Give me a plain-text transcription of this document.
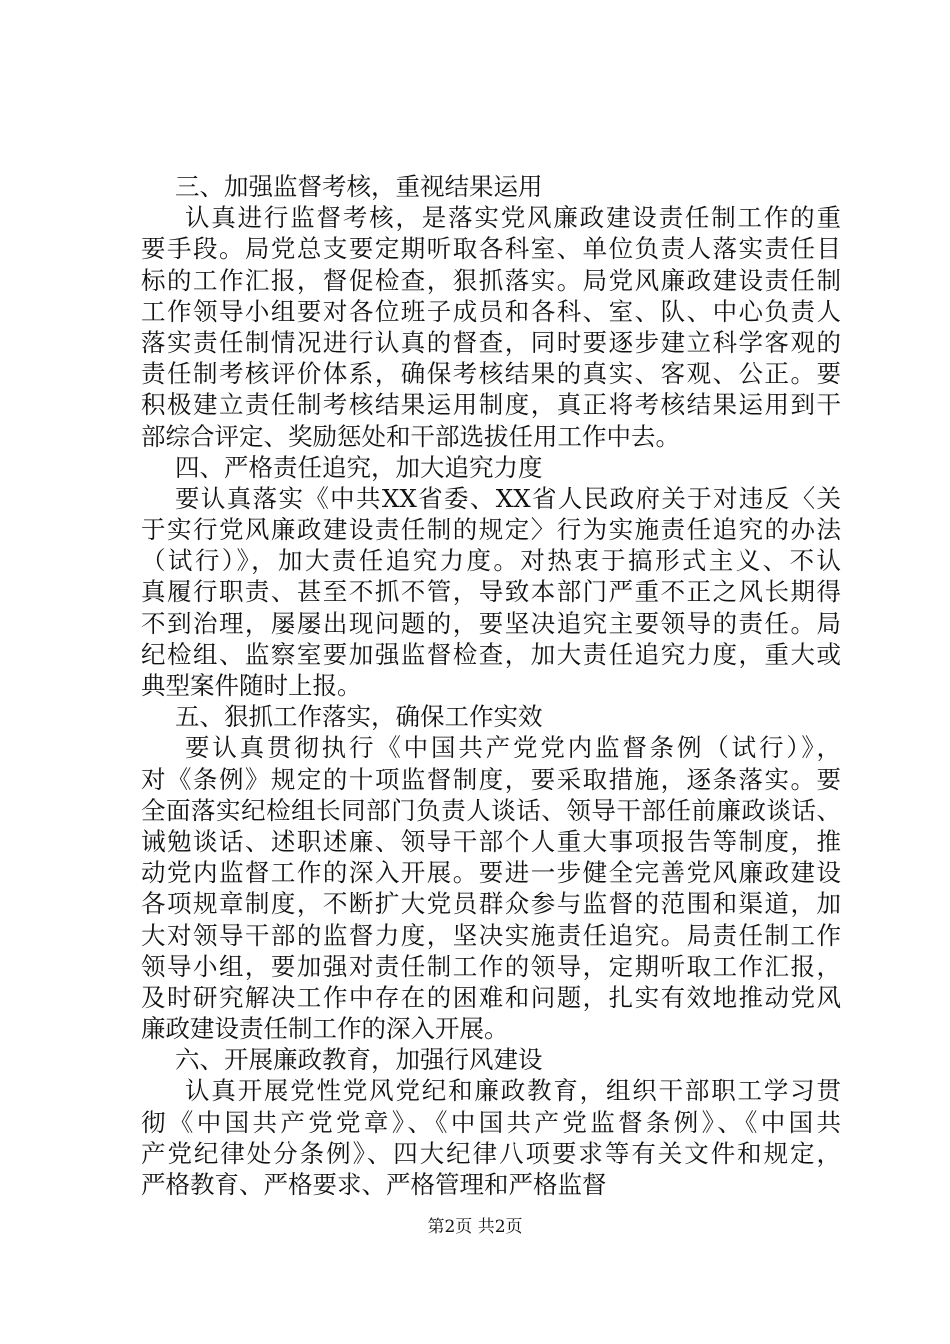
三、加强监督考核，重视结果运用
认真进行监督考核，是落实党风廉政建设责任制工作的重
要手段。局党总支要定期听取各科室、单位负责人落实责任目
标的工作汇报，督促检查，狠抓落实。局党风廉政建设责任制
工作领导小组要对各位班子成员和各科、室、队、中心负责人
落实责任制情况进行认真的督查，同时要逐步建立科学客观的
责任制考核评价体系，确保考核结果的真实、客观、公正。要
积极建立责任制考核结果运用制度，真正将考核结果运用到干
部综合评定、奖励惩处和干部选拔任用工作中去。
四、严格责任追究，加大追究力度
要认真落实《中共XX省委、XX省人民政府关于对违反〈关
于实行党风廉政建设责任制的规定〉行为实施责任追究的办法
（试行）》，加大责任追究力度。对热衷于搞形式主义、不认
真履行职责、甚至不抓不管，导致本部门严重不正之风长期得
不到治理，屡屡出现问题的，要坚决追究主要领导的责任。局
纪检组、监察室要加强监督检查，加大责任追究力度，重大或
典型案件随时上报。
五、狠抓工作落实，确保工作实效
要认真贯彻执行《中国共产党党内监督条例（试行）》，
对《条例》规定的十项监督制度，要采取措施，逐条落实。要
全面落实纪检组长同部门负责人谈话、领导干部任前廉政谈话、
诫勉谈话、述职述廉、领导干部个人重大事项报告等制度，推
动党内监督工作的深入开展。要进一步健全完善党风廉政建设
各项规章制度，不断扩大党员群众参与监督的范围和渠道，加
大对领导干部的监督力度，坚决实施责任追究。局责任制工作
领导小组，要加强对责任制工作的领导，定期听取工作汇报，
及时研究解决工作中存在的困难和问题，扎实有效地推动党风
廉政建设责任制工作的深入开展。
六、开展廉政教育，加强行风建设
认真开展党性党风党纪和廉政教育，组织干部职工学习贯
彻《中国共产党党章》、《中国共产党监督条例》、《中国共
产党纪律处分条例》、四大纪律八项要求等有关文件和规定，
严格教育、严格要求、严格管理和严格监督
第2页 共2页
